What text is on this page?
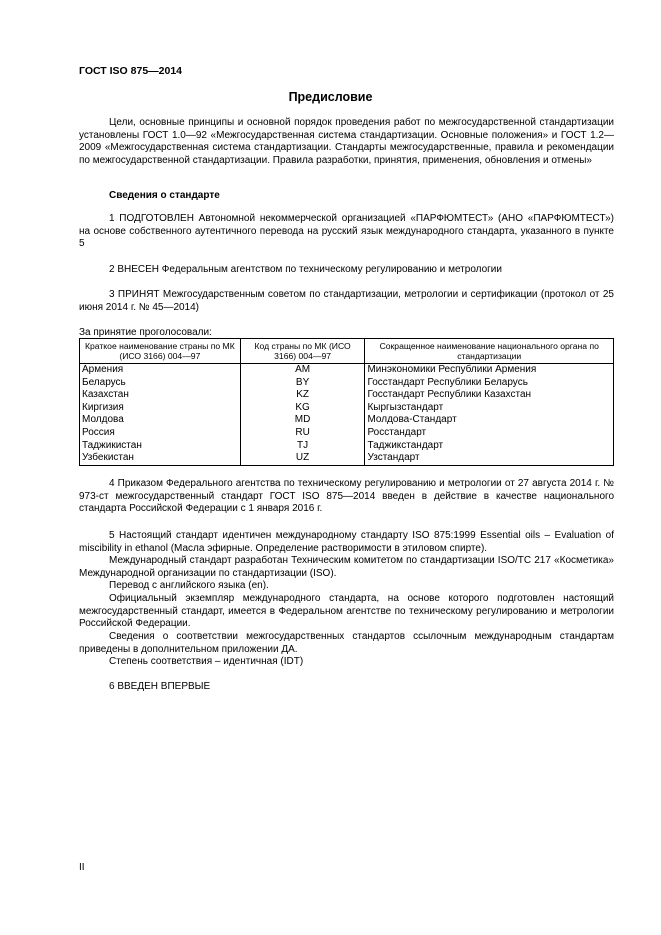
ГОСТ ISO 875—2014
Предисловие

Цели, основные принципы и основной порядок проведения работ по межгосударственной стандартизации установлены ГОСТ 1.0—92 «Межгосударственная система стандартизации. Основные положения» и ГОСТ 1.2—2009 «Межгосударственная система стандартизации. Стандарты межгосударственные, правила и рекомендации по межгосударственной стандартизации. Правила разработки, принятия, применения, обновления и отмены»

Сведения о стандарте

1 ПОДГОТОВЛЕН Автономной некоммерческой организацией «ПАРФЮМТЕСТ» (АНО «ПАРФЮМТЕСТ») на основе собственного аутентичного перевода на русский язык международного стандарта, указанного в пункте 5

2 ВНЕСЕН Федеральным агентством по техническому регулированию и метрологии

3 ПРИНЯТ Межгосударственным советом по стандартизации, метрологии и сертификации (протокол от 25 июня 2014 г. № 45—2014)

За принятие проголосовали:
Краткое наименование страны по МК (ИСО 3166) 004—97	Код страны по МК (ИСО 3166) 004—97	Сокращенное наименование национального органа по стандартизации
Армения	AM	Минэкономики Республики Армения
Беларусь	BY	Госстандарт Республики Беларусь
Казахстан	KZ	Госстандарт Республики Казахстан
Киргизия	KG	Кыргызстандарт
Молдова	MD	Молдова-Стандарт
Россия	RU	Росстандарт
Таджикистан	TJ	Таджикстандарт
Узбекистан	UZ	Узстандарт

4 Приказом Федерального агентства по техническому регулированию и метрологии от 27 августа 2014 г. № 973-ст межгосударственный стандарт ГОСТ ISO 875—2014 введен в действие в качестве национального стандарта Российской Федерации с 1 января 2016 г.

5 Настоящий стандарт идентичен международному стандарту ISO 875:1999 Essential oils – Evaluation of miscibility in ethanol (Масла эфирные. Определение растворимости в этиловом спирте).

Международный стандарт разработан Техническим комитетом по стандартизации ISO/TC 217 «Косметика» Международной организации по стандартизации (ISO).

Перевод с английского языка (en).

Официальный экземпляр международного стандарта, на основе которого подготовлен настоящий межгосударственный стандарт, имеется в Федеральном агентстве по техническому регулированию и метрологии Российской Федерации.

Сведения о соответствии межгосударственных стандартов ссылочным международным стандартам приведены в дополнительном приложении ДА.

Степень соответствия – идентичная (IDT)

6 ВВЕДЕН ВПЕРВЫЕ

II
